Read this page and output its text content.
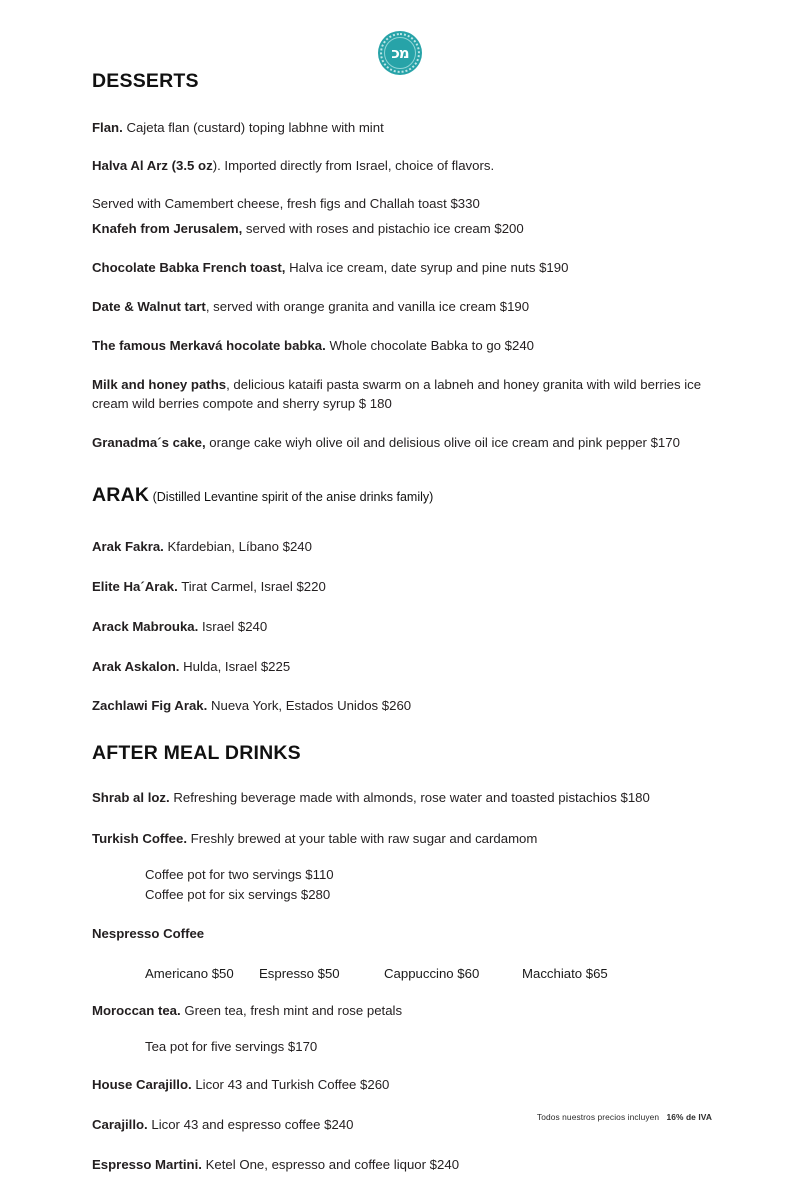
מכ
DESSERTS
Flan. Cajeta flan (custard) toping labhne with mint
Halva Al Arz (3.5 oz). Imported directly from Israel, choice of flavors.
Served with Camembert cheese, fresh figs and Challah toast $330
Knafeh from Jerusalem, served with roses and pistachio ice cream $200
Chocolate Babka French toast, Halva ice cream, date syrup and pine nuts $190
Date & Walnut tart, served with orange granita and vanilla ice cream $190
The famous Merkavá hocolate babka. Whole chocolate Babka to go $240
Milk and honey paths, delicious kataifi pasta swarm on a labneh and honey granita with wild berries ice cream wild berries compote and sherry syrup $ 180
Granadma´s cake, orange cake wiyh olive oil and delisious olive oil ice cream and pink pepper $170
ARAK (Distilled Levantine spirit of the anise drinks family)
Arak Fakra. Kfardebian, Líbano $240
Elite Ha´Arak. Tirat Carmel, Israel $220
Arack Mabrouka. Israel $240
Arak Askalon. Hulda, Israel $225
Zachlawi Fig Arak. Nueva York, Estados Unidos $260
AFTER MEAL DRINKS
Shrab al loz. Refreshing beverage made with almonds, rose water and toasted pistachios $180
Turkish Coffee. Freshly brewed at your table with raw sugar and cardamom
Coffee pot for two servings $110
Coffee pot for six servings $280
Nespresso Coffee
Americano $50	Espresso $50	Cappuccino $60	Macchiato $65
Moroccan tea. Green tea, fresh mint and rose petals
Tea pot for five servings $170
House Carajillo. Licor 43 and Turkish Coffee $260
Carajillo. Licor 43 and espresso coffee $240
Espresso Martini. Ketel One, espresso and coffee liquor $240
Todos nuestros precios incluyen 16% de IVA
